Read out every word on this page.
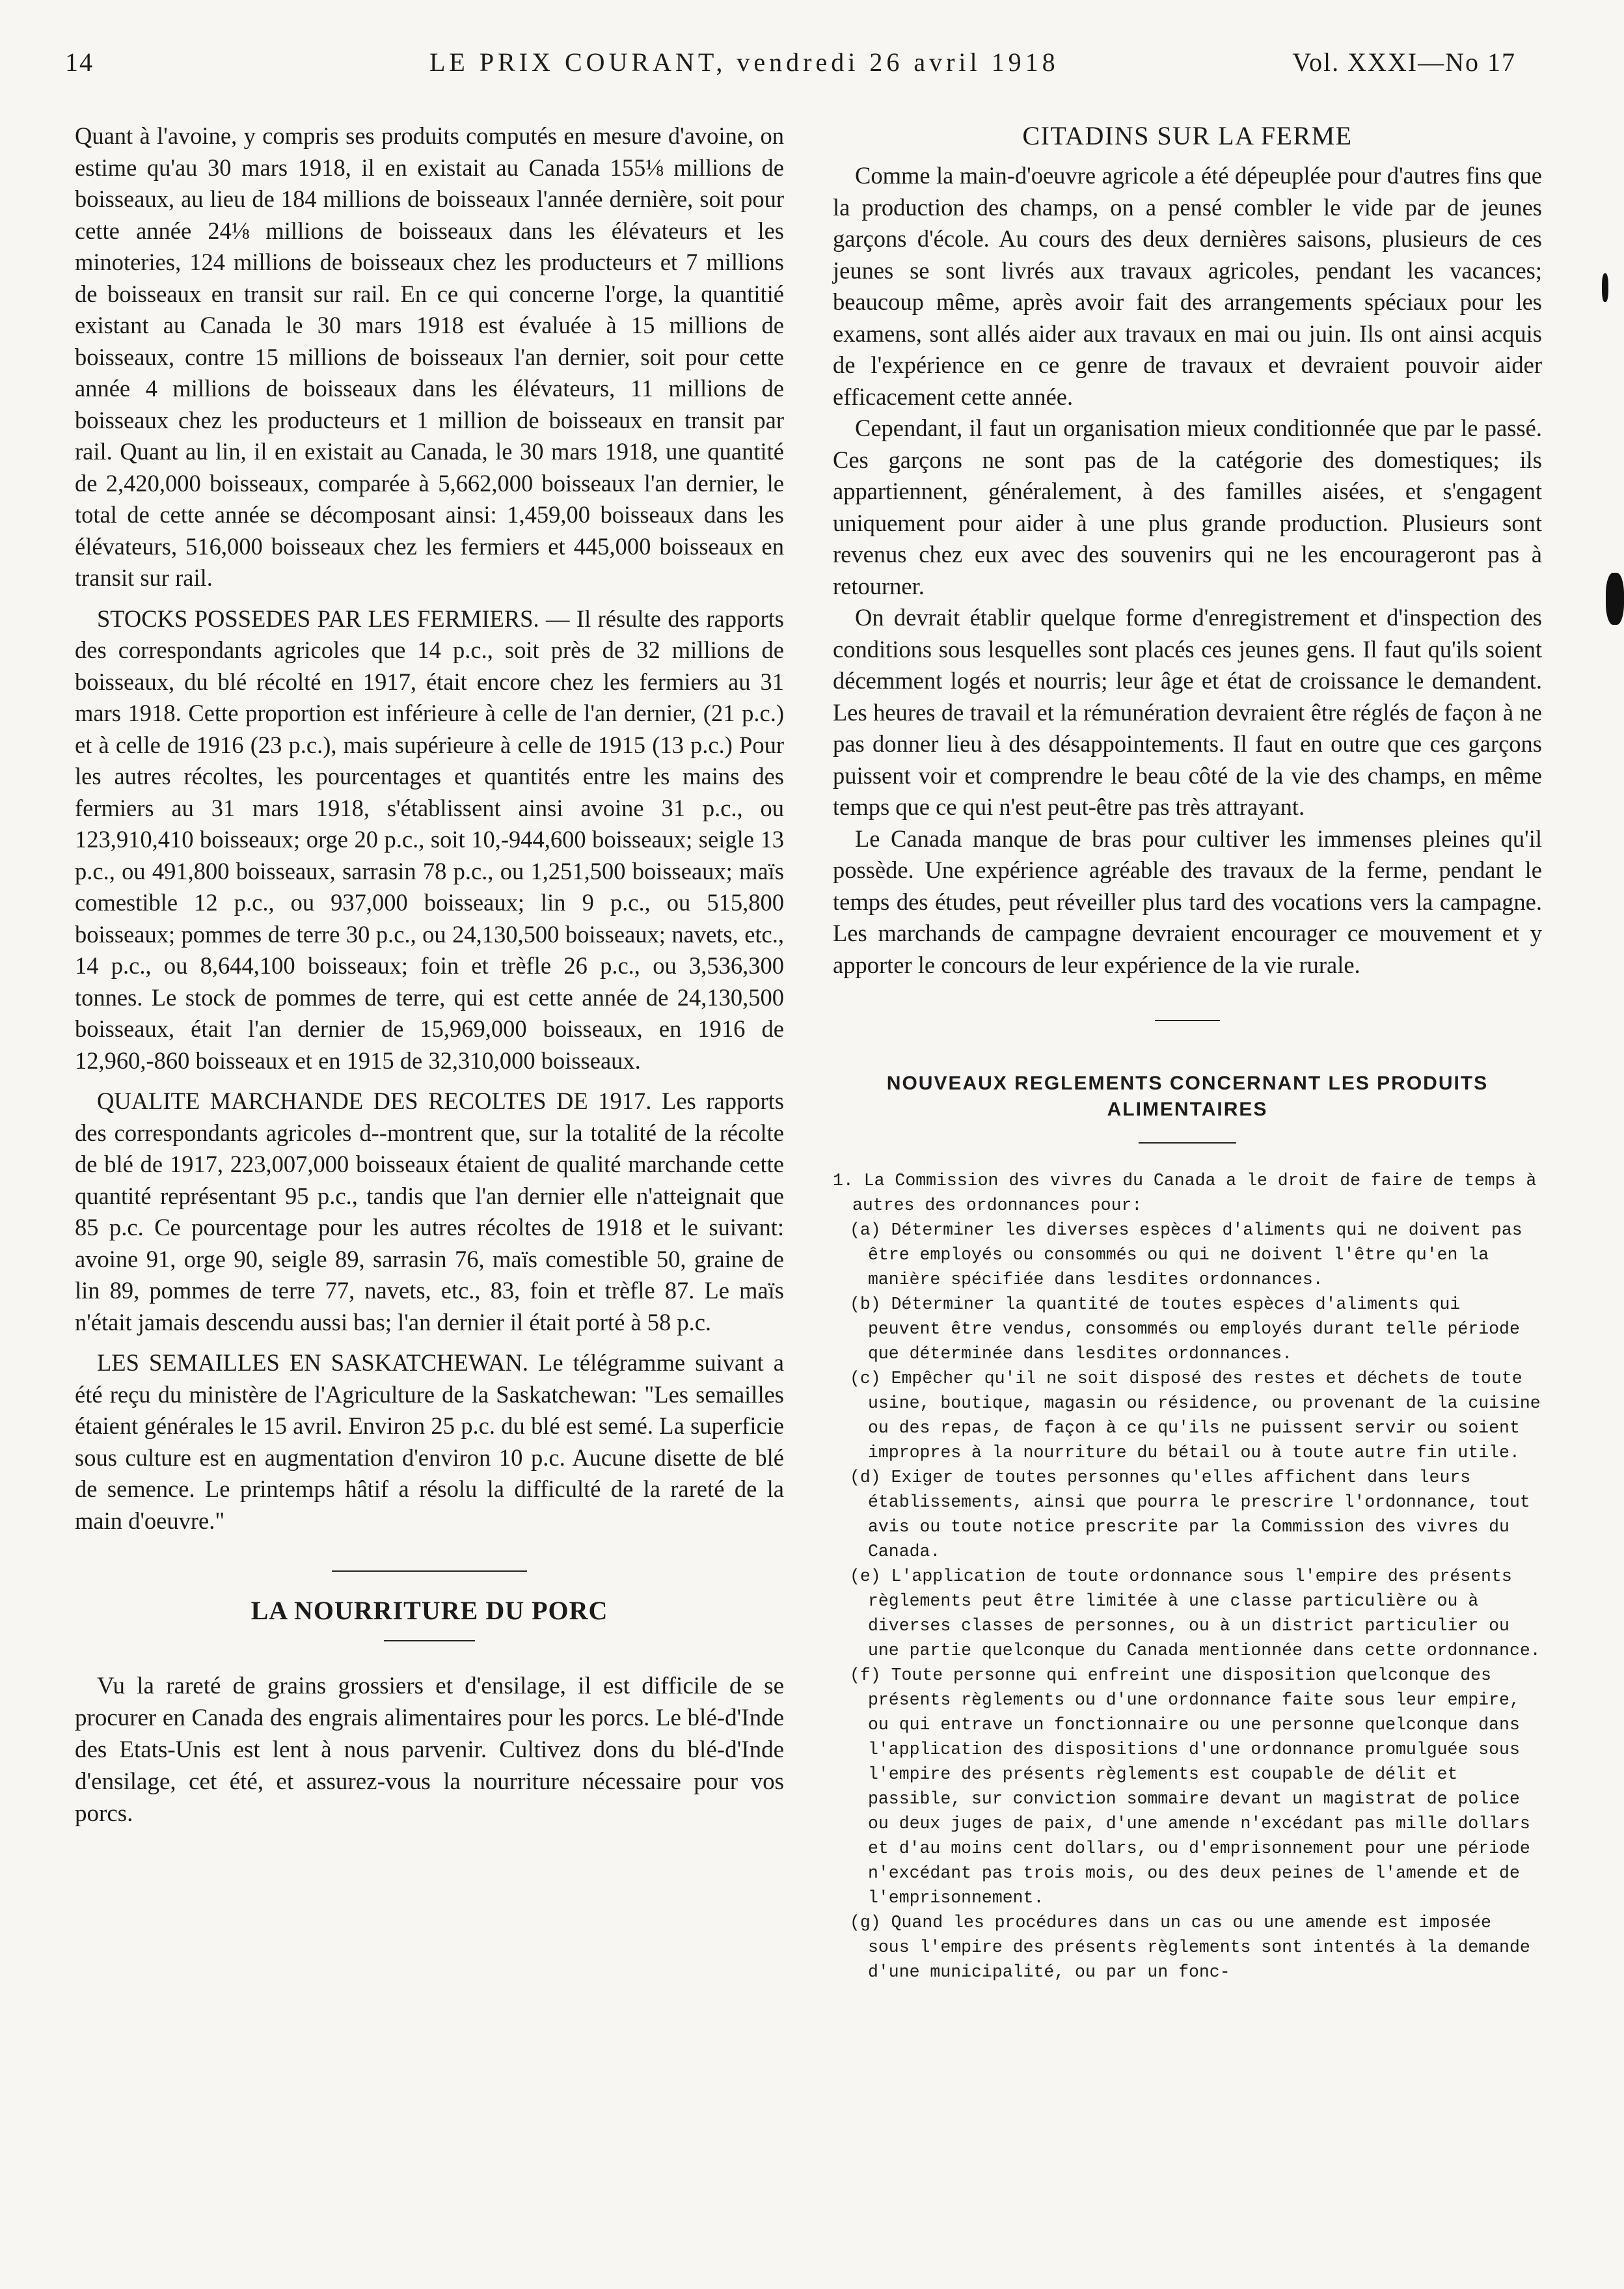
14	LE PRIX COURANT, vendredi 26 avril 1918	Vol. XXXI—No 17

Quant à l'avoine, y compris ses produits computés en mesure d'avoine, on estime qu'au 30 mars 1918, il en existait au Canada 155⅛ millions de boisseaux, au lieu de 184 millions de boisseaux l'année dernière, soit pour cette année 24⅛ millions de boisseaux dans les élévateurs et les minoteries, 124 millions de boisseaux chez les producteurs et 7 millions de boisseaux en transit sur rail. En ce qui concerne l'orge, la quantitié existant au Canada le 30 mars 1918 est évaluée à 15 millions de boisseaux, contre 15 millions de boisseaux l'an dernier, soit pour cette année 4 millions de boisseaux dans les élévateurs, 11 millions de boisseaux chez les producteurs et 1 million de boisseaux en transit par rail. Quant au lin, il en existait au Canada, le 30 mars 1918, une quantité de 2,420,000 boisseaux, comparée à 5,662,000 boisseaux l'an dernier, le total de cette année se décomposant ainsi: 1,459,00 boisseaux dans les élévateurs, 516,000 boisseaux chez les fermiers et 445,000 boisseaux en transit sur rail.

STOCKS POSSEDES PAR LES FERMIERS. — Il résulte des rapports des correspondants agricoles que 14 p.c., soit près de 32 millions de boisseaux, du blé récolté en 1917, était encore chez les fermiers au 31 mars 1918. Cette proportion est inférieure à celle de l'an dernier, (21 p.c.) et à celle de 1916 (23 p.c.), mais supérieure à celle de 1915 (13 p.c.) Pour les autres récoltes, les pourcentages et quantités entre les mains des fermiers au 31 mars 1918, s'établissent ainsi avoine 31 p.c., ou 123,910,410 boisseaux; orge 20 p.c., soit 10,-944,600 boisseaux; seigle 13 p.c., ou 491,800 boisseaux, sarrasin 78 p.c., ou 1,251,500 boisseaux; maïs comestible 12 p.c., ou 937,000 boisseaux; lin 9 p.c., ou 515,800 boisseaux; pommes de terre 30 p.c., ou 24,130,500 boisseaux; navets, etc., 14 p.c., ou 8,644,100 boisseaux; foin et trèfle 26 p.c., ou 3,536,300 tonnes. Le stock de pommes de terre, qui est cette année de 24,130,500 boisseaux, était l'an dernier de 15,969,000 boisseaux, en 1916 de 12,960,-860 boisseaux et en 1915 de 32,310,000 boisseaux.

QUALITE MARCHANDE DES RECOLTES DE 1917. Les rapports des correspondants agricoles d--montrent que, sur la totalité de la récolte de blé de 1917, 223,007,000 boisseaux étaient de qualité marchande cette quantité représentant 95 p.c., tandis que l'an dernier elle n'atteignait que 85 p.c. Ce pourcentage pour les autres récoltes de 1918 et le suivant: avoine 91, orge 90, seigle 89, sarrasin 76, maïs comestible 50, graine de lin 89, pommes de terre 77, navets, etc., 83, foin et trèfle 87. Le maïs n'était jamais descendu aussi bas; l'an dernier il était porté à 58 p.c.

LES SEMAILLES EN SASKATCHEWAN. Le télégramme suivant a été reçu du ministère de l'Agriculture de la Saskatchewan: "Les semailles étaient générales le 15 avril. Environ 25 p.c. du blé est semé. La superficie sous culture est en augmentation d'environ 10 p.c. Aucune disette de blé de semence. Le printemps hâtif a résolu la difficulté de la rareté de la main d'oeuvre."

LA NOURRITURE DU PORC

Vu la rareté de grains grossiers et d'ensilage, il est difficile de se procurer en Canada des engrais alimentaires pour les porcs. Le blé-d'Inde des Etats-Unis est lent à nous parvenir. Cultivez dons du blé-d'Inde d'ensilage, cet été, et assurez-vous la nourriture nécessaire pour vos porcs.

CITADINS SUR LA FERME

Comme la main-d'oeuvre agricole a été dépeuplée pour d'autres fins que la production des champs, on a pensé combler le vide par de jeunes garçons d'école. Au cours des deux dernières saisons, plusieurs de ces jeunes se sont livrés aux travaux agricoles, pendant les vacances; beaucoup même, après avoir fait des arrangements spéciaux pour les examens, sont allés aider aux travaux en mai ou juin. Ils ont ainsi acquis de l'expérience en ce genre de travaux et devraient pouvoir aider efficacement cette année.

Cependant, il faut un organisation mieux conditionnée que par le passé. Ces garçons ne sont pas de la catégorie des domestiques; ils appartiennent, généralement, à des familles aisées, et s'engagent uniquement pour aider à une plus grande production. Plusieurs sont revenus chez eux avec des souvenirs qui ne les encourageront pas à retourner.

On devrait établir quelque forme d'enregistrement et d'inspection des conditions sous lesquelles sont placés ces jeunes gens. Il faut qu'ils soient décemment logés et nourris; leur âge et état de croissance le demandent. Les heures de travail et la rémunération devraient être réglés de façon à ne pas donner lieu à des désappointements. Il faut en outre que ces garçons puissent voir et comprendre le beau côté de la vie des champs, en même temps que ce qui n'est peut-être pas très attrayant.

Le Canada manque de bras pour cultiver les immenses pleines qu'il possède. Une expérience agréable des travaux de la ferme, pendant le temps des études, peut réveiller plus tard des vocations vers la campagne. Les marchands de campagne devraient encourager ce mouvement et y apporter le concours de leur expérience de la vie rurale.

NOUVEAUX REGLEMENTS CONCERNANT LES PRODUITS ALIMENTAIRES
1. La Commission des vivres du Canada a le droit de faire de temps à autres des ordonnances pour:
(a) Déterminer les diverses espèces d'aliments qui ne doivent pas être employés ou consommés ou qui ne doivent l'être qu'en la manière spécifiée dans lesdites ordonnances.
(b) Déterminer la quantité de toutes espèces d'aliments qui peuvent être vendus, consommés ou employés durant telle période que déterminée dans lesdites ordonnances.
(c) Empêcher qu'il ne soit disposé des restes et déchets de toute usine, boutique, magasin ou résidence, ou provenant de la cuisine ou des repas, de façon à ce qu'ils ne puissent servir ou soient impropres à la nourriture du bétail ou à toute autre fin utile.
(d) Exiger de toutes personnes qu'elles affichent dans leurs établissements, ainsi que pourra le prescrire l'ordonnance, tout avis ou toute notice prescrite par la Commission des vivres du Canada.
(e) L'application de toute ordonnance sous l'empire des présents règlements peut être limitée à une classe particulière ou à diverses classes de personnes, ou à un district particulier ou une partie quelconque du Canada mentionnée dans cette ordonnance.
(f) Toute personne qui enfreint une disposition quelconque des présents règlements ou d'une ordonnance faite sous leur empire, ou qui entrave un fonctionnaire ou une personne quelconque dans l'application des dispositions d'une ordonnance promulguée sous l'empire des présents règlements est coupable de délit et passible, sur conviction sommaire devant un magistrat de police ou deux juges de paix, d'une amende n'excédant pas mille dollars et d'au moins cent dollars, ou d'emprisonnement pour une période n'excédant pas trois mois, ou des deux peines de l'amende et de l'emprisonnement.
(g) Quand les procédures dans un cas ou une amende est imposée sous l'empire des présents règlements sont intentés à la demande d'une municipalité, ou par un fonc-
